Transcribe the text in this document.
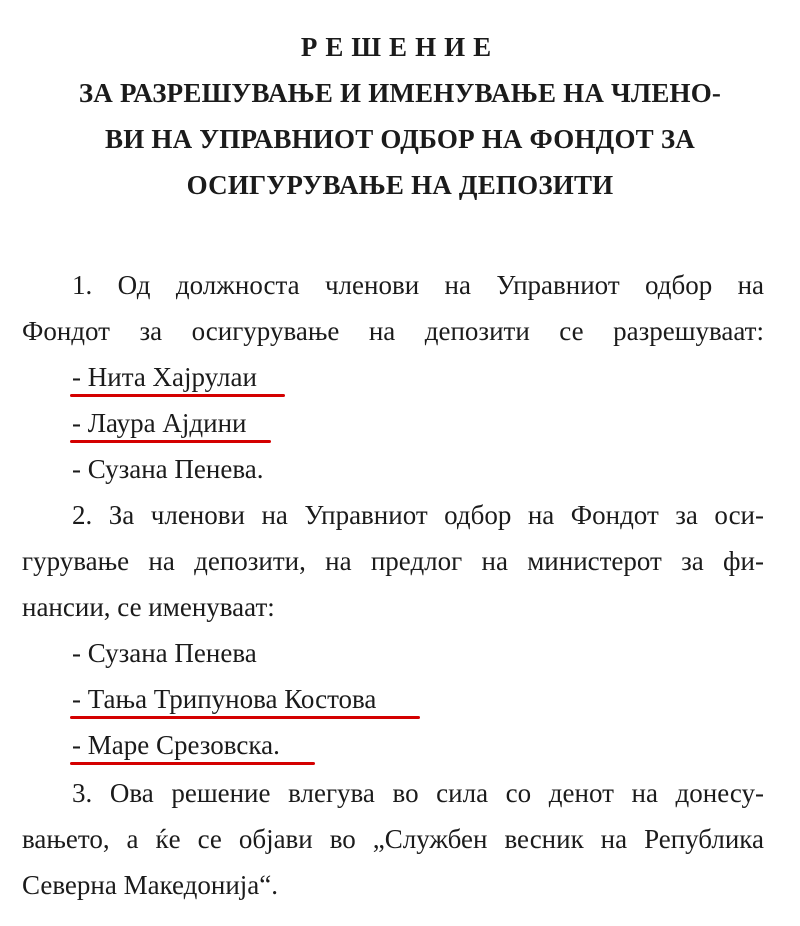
РЕШЕНИЕ
ЗА РАЗРЕШУВАЊЕ И ИМЕНУВАЊЕ НА ЧЛЕНО-
ВИ НА УПРАВНИОТ ОДБОР НА ФОНДОТ ЗА
ОСИГУРУВАЊЕ НА ДЕПОЗИТИ
1. Од должноста членови на Управниот одбор на
Фондот за осигурување на депозити се разрешуваат:
- Нита Хајрулаи
- Лаура Ајдини
- Сузана Пенева.
2. За членови на Управниот одбор на Фондот за оси-
гурување на депозити, на предлог на министерот за фи-
нансии, се именуваат:
- Сузана Пенева
- Тања Трипунова Костова
- Маре Срезовска.
3. Ова решение влегува во сила со денот на донесу-
вањето, а ќе се објави во „Службен весник на Република
Северна Македонија“.
